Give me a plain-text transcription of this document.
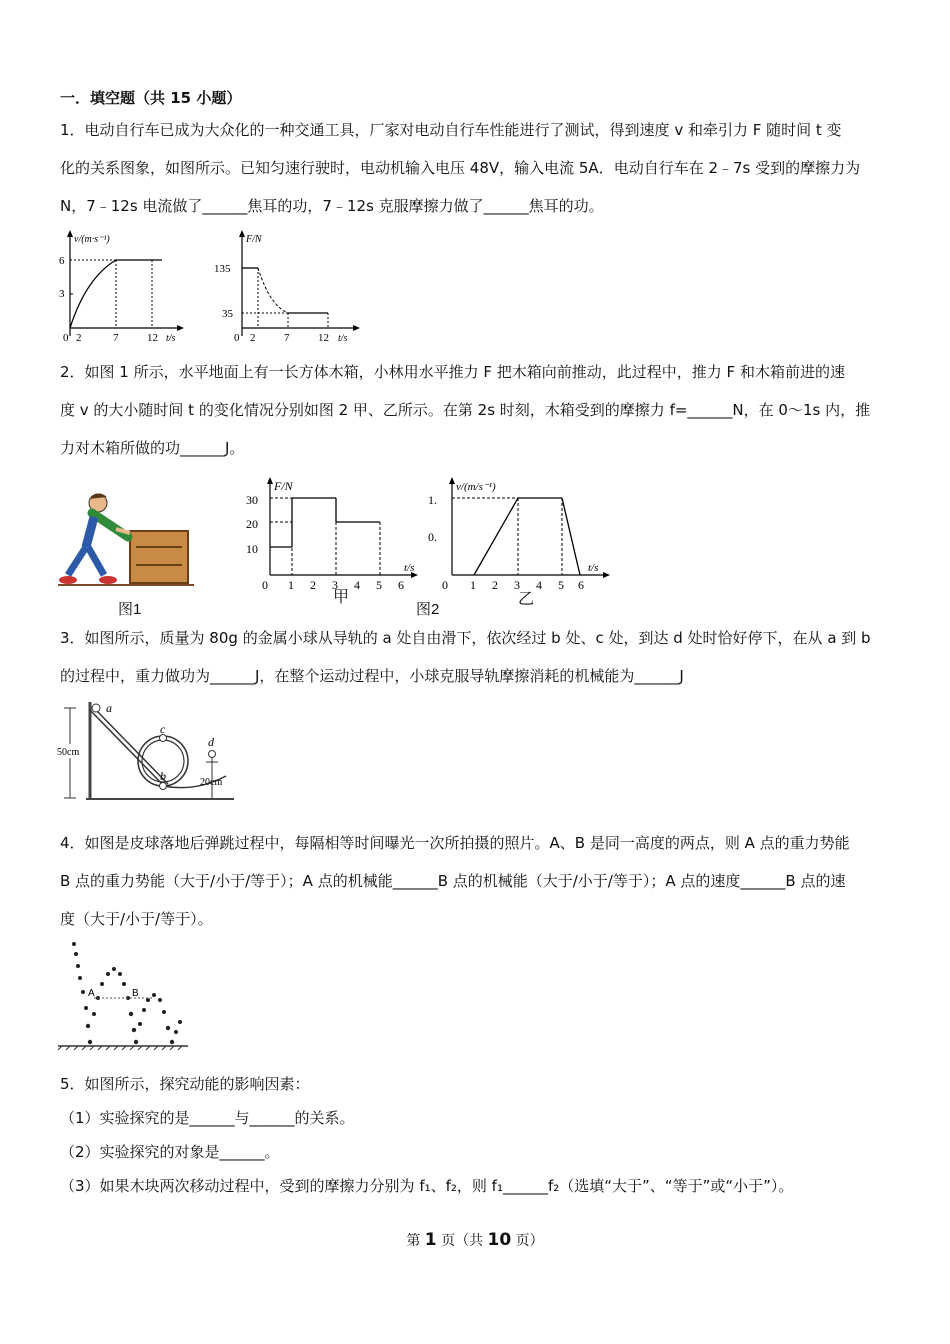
一．填空题（共 15 小题）
1．电动自行车已成为大众化的一种交通工具，厂家对电动自行车性能进行了测试，得到速度 v 和牵引力 F 随时间 t 变
化的关系图象，如图所示。已知匀速行驶时，电动机输入电压 48V，输入电流 5A．电动自行车在 2﹣7s 受到的摩擦力为
N，7﹣12s 电流做了______焦耳的功，7﹣12s 克服摩擦力做了______焦耳的功。
v/(m·s⁻¹)
6
3
0 2	7	12 t/s
F/N
135
35
0 2	7	12 t/s
2．如图 1 所示，水平地面上有一长方体木箱，小林用水平推力 F 把木箱向前推动，此过程中，推力 F 和木箱前进的速
度 v 的大小随时间 t 的变化情况分别如图 2 甲、乙所示。在第 2s 时刻，木箱受到的摩擦力 f=______N，在 0～1s 内，推
力对木箱所做的功______J。
图1
F/N
30
20
10
0 1 2 3 4 5 6
t/s
甲
图2
v/(m/s⁻¹)
1.
0.
0 1 2 3 4 5 6
t/s
乙
3．如图所示，质量为 80g 的金属小球从导轨的 a 处自由滑下，依次经过 b 处、c 处，到达 d 处时恰好停下，在从 a 到 b
的过程中，重力做功为______J，在整个运动过程中，小球克服导轨摩擦消耗的机械能为______J
a
c
b
d
50cm
20cm
4．如图是皮球落地后弹跳过程中，每隔相等时间曝光一次所拍摄的照片。A、B 是同一高度的两点，则 A 点的重力势能
B 点的重力势能（大于/小于/等于）；A 点的机械能______B 点的机械能（大于/小于/等于）；A 点的速度______B 点的速
度（大于/小于/等于）。
A	B
5．如图所示，探究动能的影响因素：
（1）实验探究的是______与______的关系。
（2）实验探究的对象是______。
（3）如果木块两次移动过程中，受到的摩擦力分别为 f₁、f₂，则 f₁______f₂（选填“大于”、“等于”或“小于”）。
第 1 页（共 10 页）
